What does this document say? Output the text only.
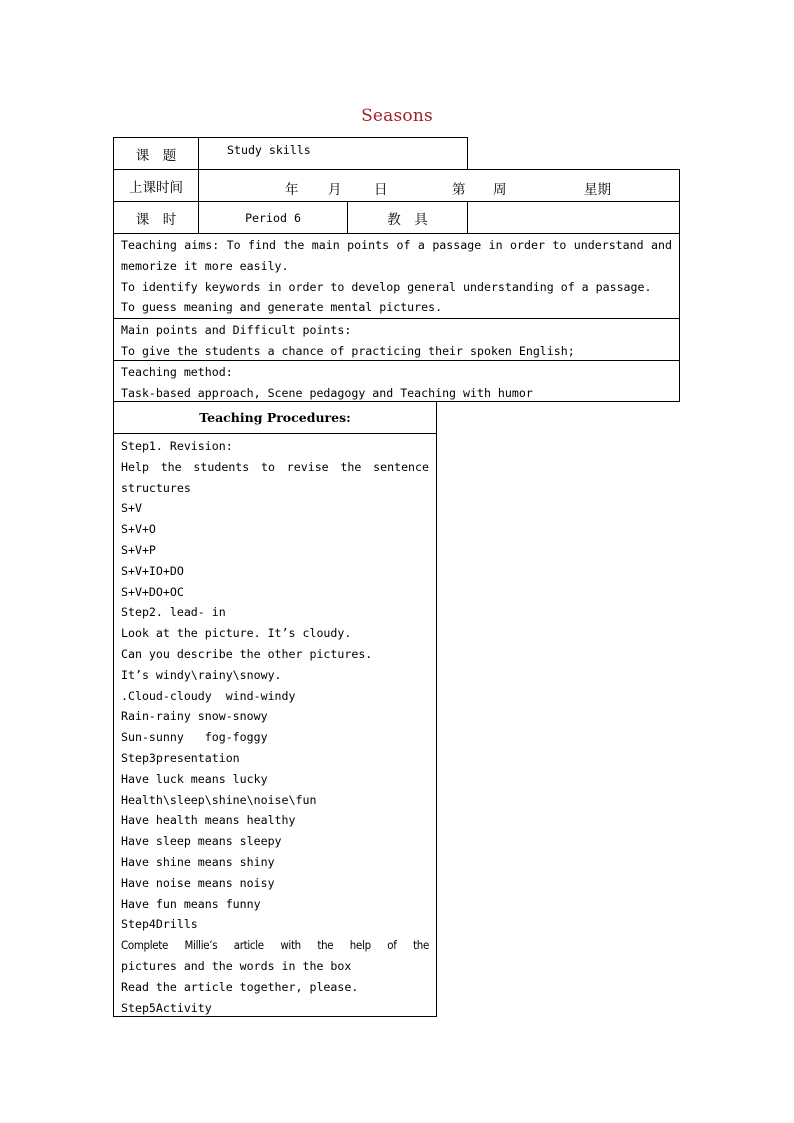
Seasons
课　题	Study skills
上课时间	年 月 日	第 周	星期
课　时	Period 6	教　具
Teaching aims: To find the main points of a passage in order to understand and
memorize it more easily.
To identify keywords in order to develop general understanding of a passage.
To guess meaning and generate mental pictures.
Main points and Difficult points:
To give the students a chance of practicing their spoken English;
Teaching method:
Task-based approach, Scene pedagogy and Teaching with humor
Teaching Procedures:
Step1. Revision:
Help the students to revise the sentence
structures
S+V
S+V+O
S+V+P
S+V+IO+DO
S+V+DO+OC
Step2. lead- in
Look at the picture. It’s cloudy.
Can you describe the other pictures.
It’s windy\rainy\snowy.
.Cloud-cloudy  wind-windy
Rain-rainy snow-snowy
Sun-sunny   fog-foggy
Step3presentation
Have luck means lucky
Health\sleep\shine\noise\fun
Have health means healthy
Have sleep means sleepy
Have shine means shiny
Have noise means noisy
Have fun means funny
Step4Drills
Complete Millie’s article with the help of the
pictures and the words in the box
Read the article together, please.
Step5Activity
